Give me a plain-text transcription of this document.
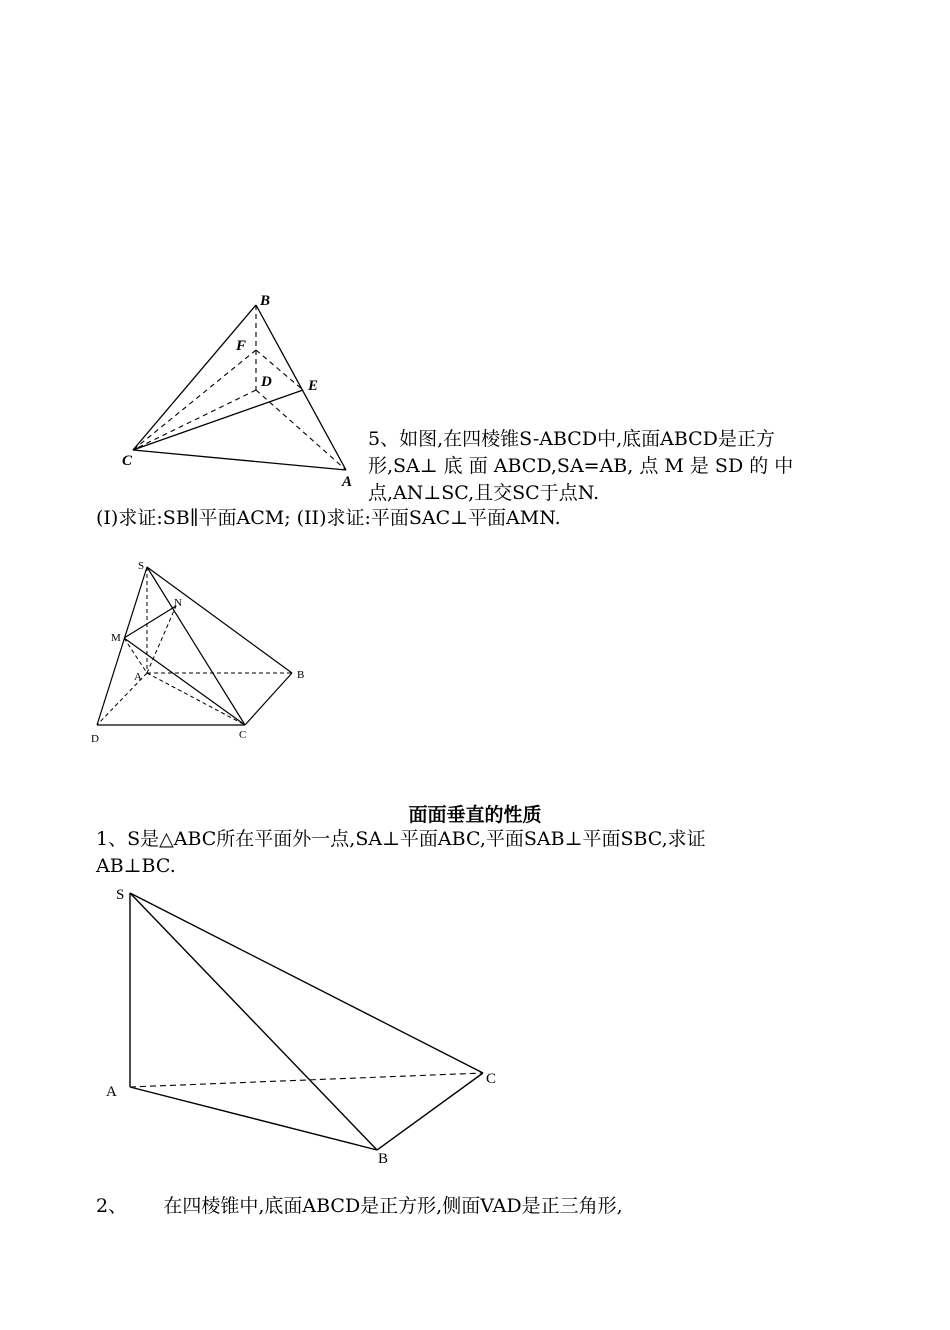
B
F
D E
C
A
5、如图,在四棱锥S-ABCD中,底面ABCD是正方
形,SA⊥ 底 面 ABCD,SA=AB, 点 M 是 SD 的 中
点,AN⊥SC,且交SC于点N.
(I)求证:SB∥平面ACM; (II)求证:平面SAC⊥平面AMN.
S
N
M
A	B
D	C
面面垂直的性质
1、S是△ABC所在平面外一点,SA⊥平面ABC,平面SAB⊥平面SBC,求证
AB⊥BC.
S
A
C
B
2、      在四棱锥中,底面ABCD是正方形,侧面VAD是正三角形,
